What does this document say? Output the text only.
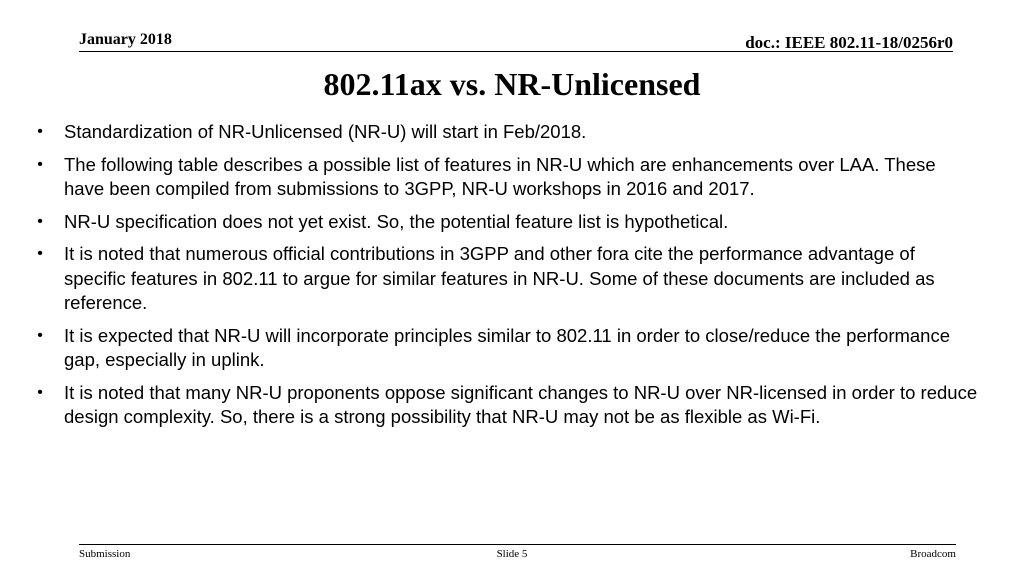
January 2018	doc.: IEEE 802.11-18/0256r0
802.11ax vs. NR-Unlicensed
•	Standardization of NR-Unlicensed (NR-U) will start in Feb/2018.
•	The following table describes a possible list of features in NR-U which are enhancements over LAA. These have been compiled from submissions to 3GPP, NR-U workshops in 2016 and 2017.
•	NR-U specification does not yet exist. So, the potential feature list is hypothetical.
•	It is noted that numerous official contributions in 3GPP and other fora cite the performance advantage of specific features in 802.11 to argue for similar features in NR-U. Some of these documents are included as reference.
•	It is expected that NR-U will incorporate principles similar to 802.11 in order to close/reduce the performance gap, especially in uplink.
•	It is noted that many NR-U proponents oppose significant changes to NR-U over NR-licensed in order to reduce design complexity. So, there is a strong possibility that NR-U may not be as flexible as Wi-Fi.
Submission	Slide 5	Broadcom
